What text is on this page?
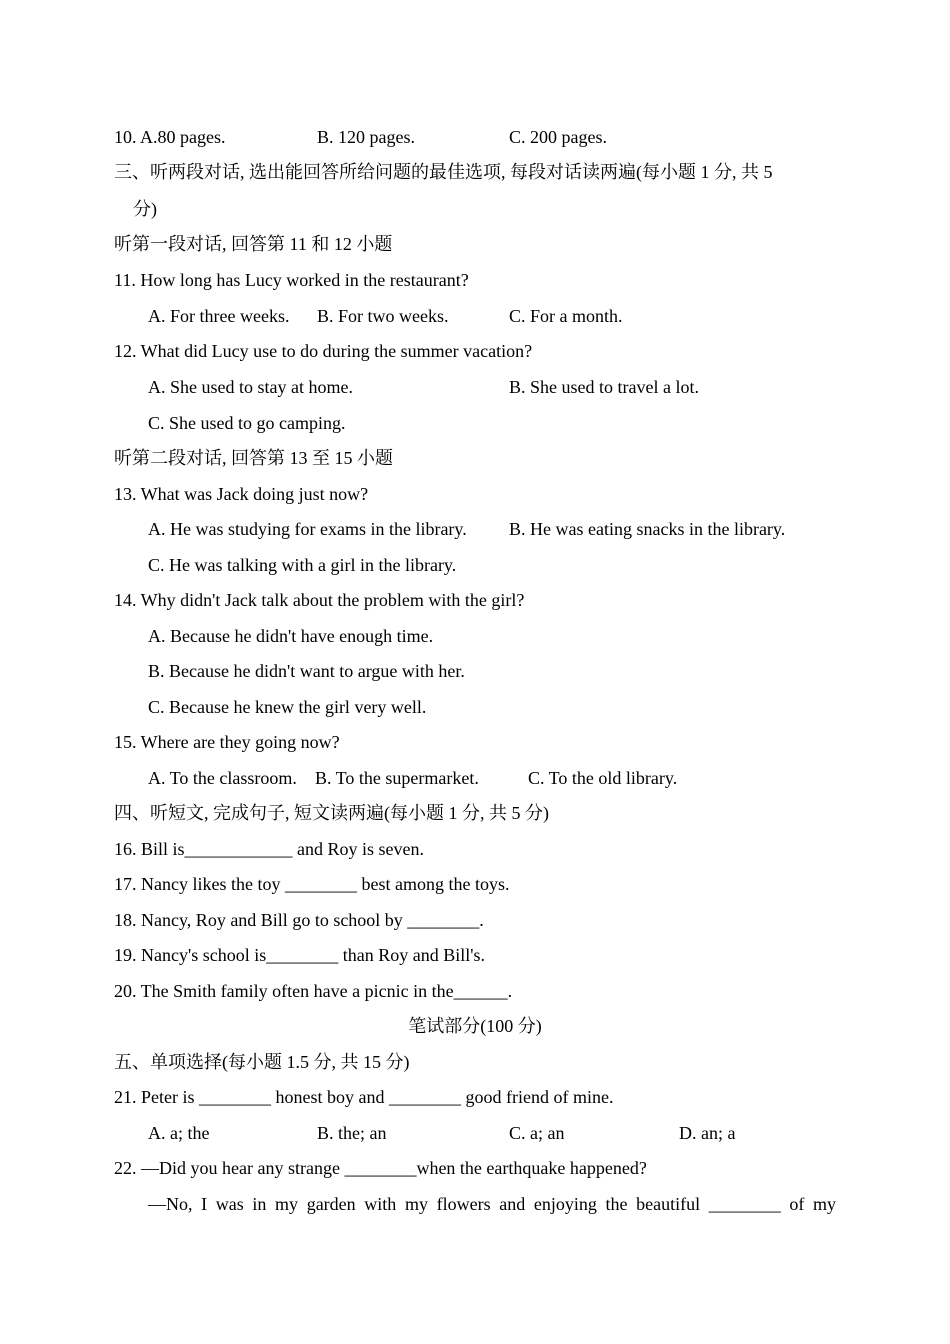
10. A.80 pages.	B. 120 pages.	C. 200 pages.
三、听两段对话, 选出能回答所给问题的最佳选项, 每段对话读两遍(每小题 1 分, 共 5
分)
听第一段对话, 回答第 11 和 12 小题
11. How long has Lucy worked in the restaurant?
A. For three weeks. B. For two weeks.	C. For a month.
12. What did Lucy use to do during the summer vacation?
A. She used to stay at home.	B. She used to travel a lot.
C. She used to go camping.
听第二段对话, 回答第 13 至 15 小题
13. What was Jack doing just now?
A. He was studying for exams in the library. B. He was eating snacks in the library.
C. He was talking with a girl in the library.
14. Why didn't Jack talk about the problem with the girl?
A. Because he didn't have enough time.
B. Because he didn't want to argue with her.
C. Because he knew the girl very well.
15. Where are they going now?
A. To the classroom. B. To the supermarket.	C. To the old library.
四、听短文, 完成句子, 短文读两遍(每小题 1 分, 共 5 分)
16. Bill is____________ and Roy is seven.
17. Nancy likes the toy ________ best among the toys.
18. Nancy, Roy and Bill go to school by ________.
19. Nancy's school is________ than Roy and Bill's.
20. The Smith family often have a picnic in the______.
笔试部分(100 分)
五、单项选择(每小题 1.5 分, 共 15 分)
21. Peter is ________ honest boy and ________ good friend of mine.
A. a; the	B. the; an	C. a; an	D. an; a
22. —Did you hear any strange ________when the earthquake happened?
—No, I was in my garden with my flowers and enjoying the beautiful ________ of my
